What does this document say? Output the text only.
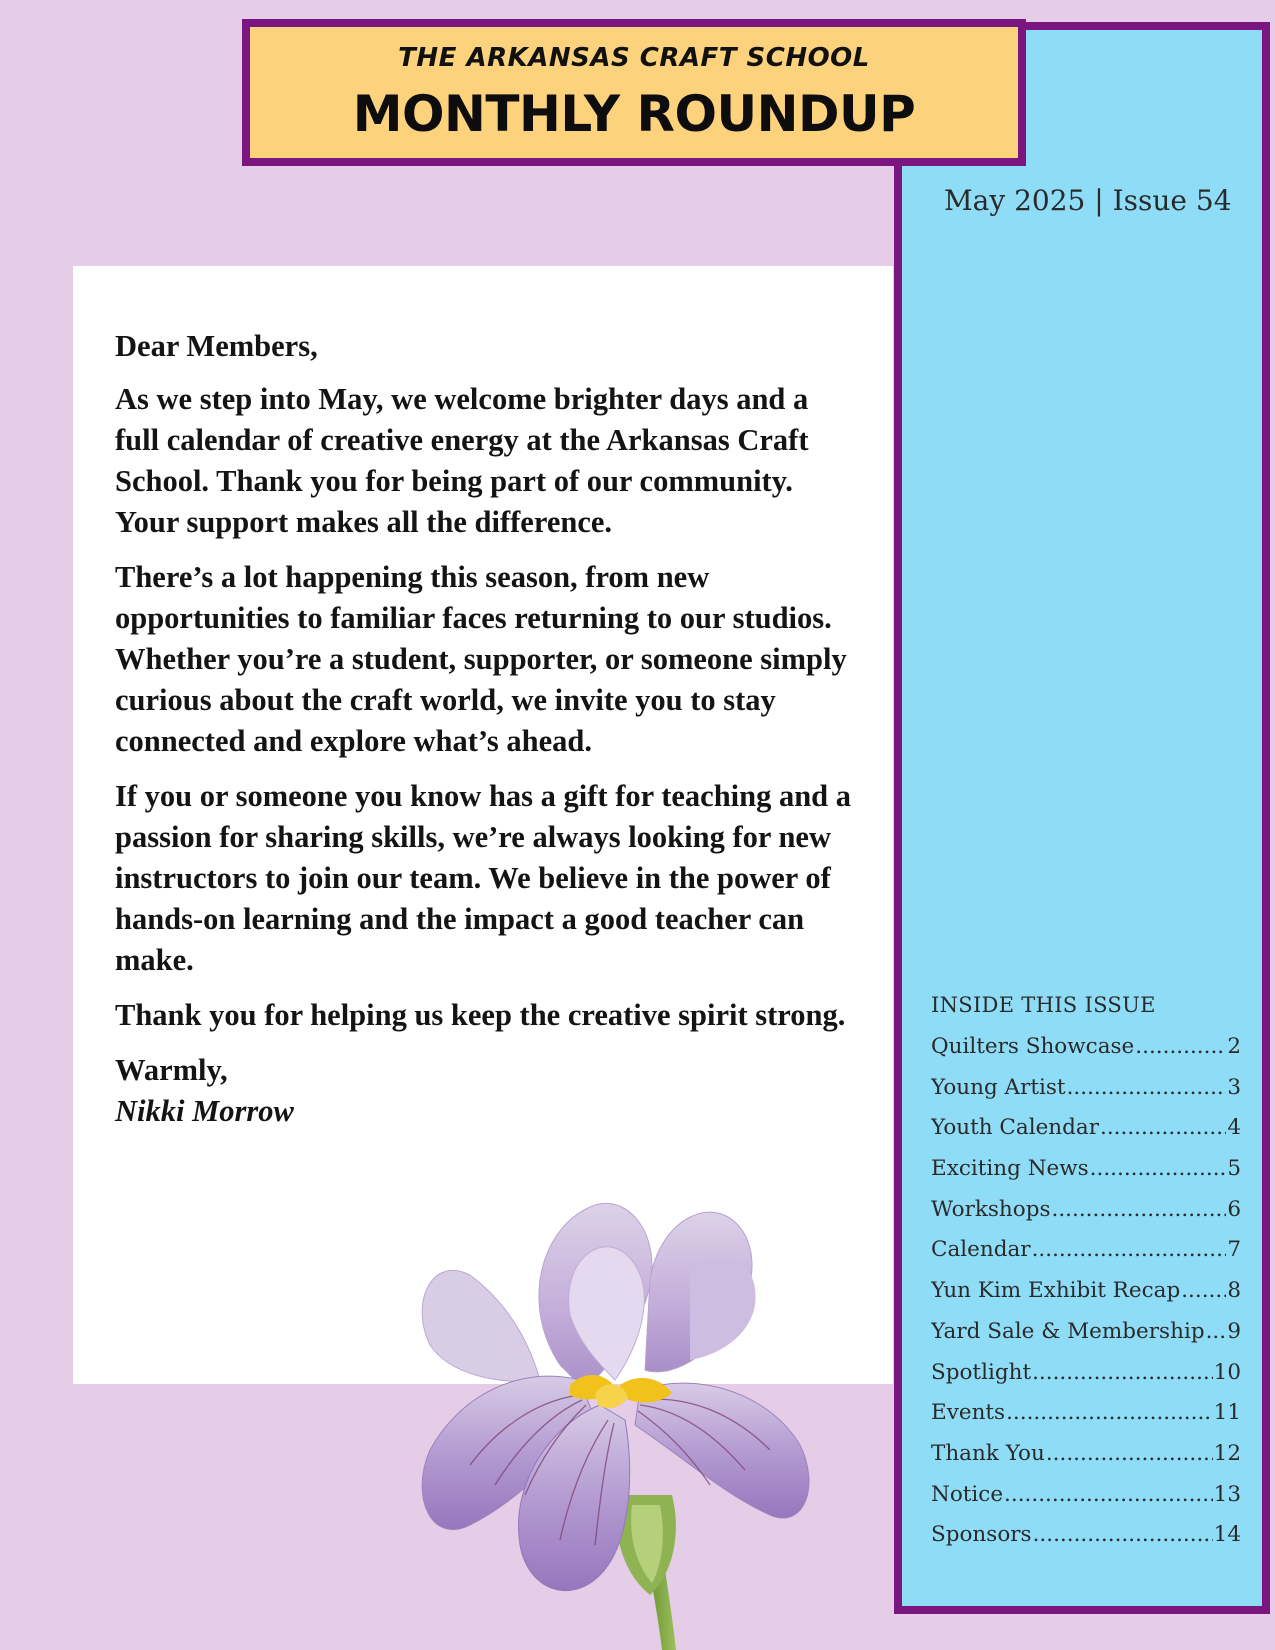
THE ARKANSAS CRAFT SCHOOL
MONTHLY ROUNDUP
May 2025 | Issue 54

Dear Members,

As we step into May, we welcome brighter days and a full calendar of creative energy at the Arkansas Craft School. Thank you for being part of our community. Your support makes all the difference.

There’s a lot happening this season, from new opportunities to familiar faces returning to our studios. Whether you’re a student, supporter, or someone simply curious about the craft world, we invite you to stay connected and explore what’s ahead.

If you or someone you know has a gift for teaching and a passion for sharing skills, we’re always looking for new instructors to join our team. We believe in the power of hands-on learning and the impact a good teacher can make.

Thank you for helping us keep the creative spirit strong.

Warmly,

Nikki Morrow

INSIDE THIS ISSUE
Quilters Showcase .....	2
Young Artist .....	3
Youth Calendar .....	4
Exciting News .....	5
Workshops .....	6
Calendar .....	7
Yun Kim Exhibit Recap ..... 8
Yard Sale & Membership ..... 9
Spotlight .....	10
Events .....	11
Thank You .....	12
Notice .....	13
Sponsors .....	14
